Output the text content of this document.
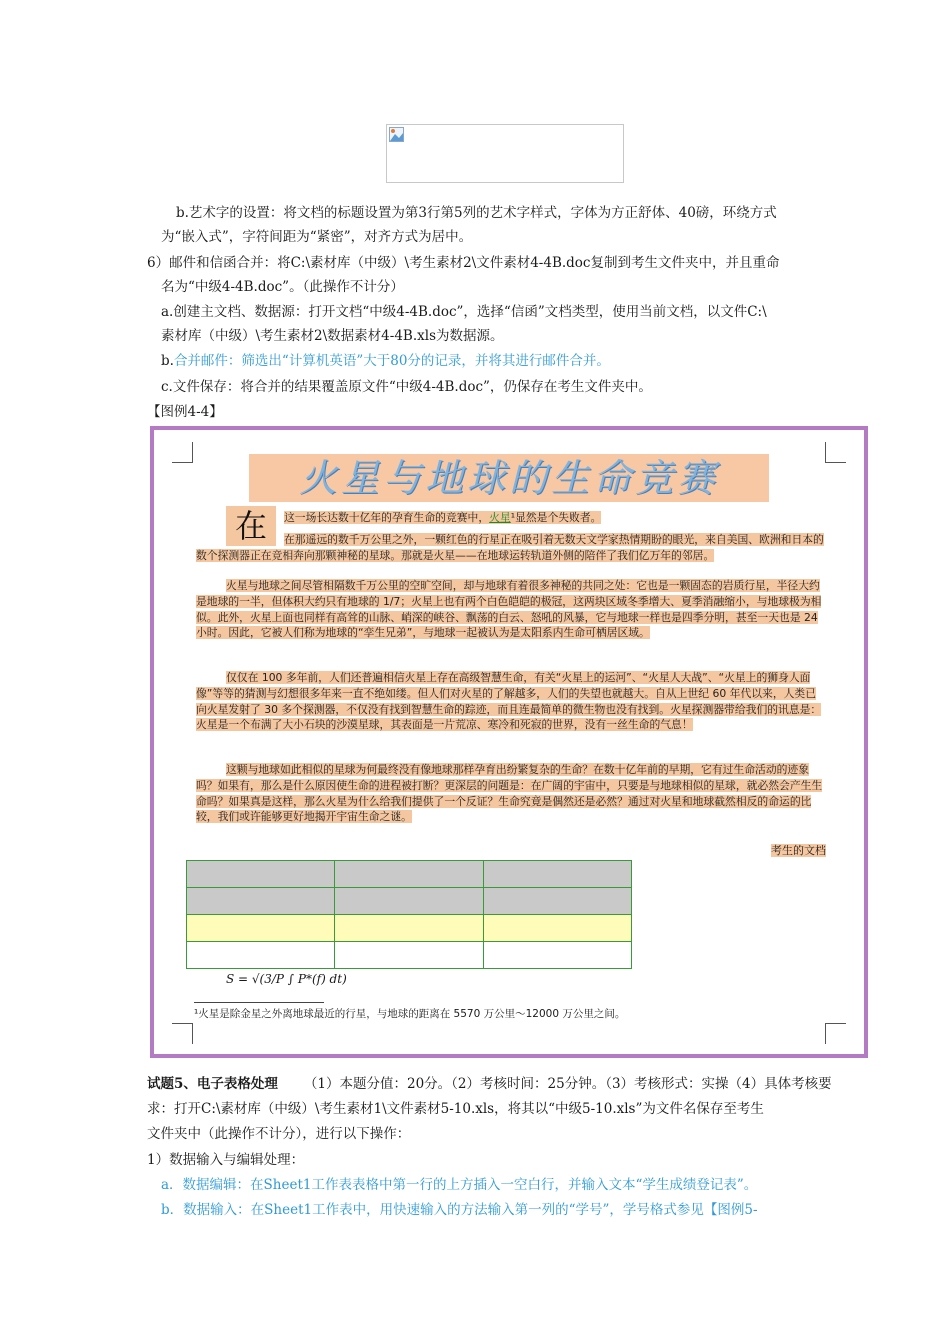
b.艺术字的设置：将文档的标题设置为第3行第5列的艺术字样式，字体为方正舒体、40磅，环绕方式
为“嵌入式”，字符间距为“紧密”，对齐方式为居中。
6）邮件和信函合并：将C:\素材库（中级）\考生素材2\文件素材4-4B.doc复制到考生文件夹中，并且重命
名为“中级4-4B.doc”。（此操作不计分）
a.创建主文档、数据源：打开文档“中级4-4B.doc”，选择“信函”文档类型，使用当前文档，以文件C:\
素材库（中级）\考生素材2\数据素材4-4B.xls为数据源。
b.合并邮件：筛选出“计算机英语”大于80分的记录，并将其进行邮件合并。
c.文件保存：将合并的结果覆盖原文件“中级4-4B.doc”，仍保存在考生文件夹中。
【图例4-4】
火星与地球的生命竞赛
在	这一场长达数十亿年的孕育生命的竞赛中，火星¹显然是个失败者。
在那遥远的数千万公里之外，一颗红色的行星正在吸引着无数天文学家热情期盼的眼光，来自美国、欧洲和日本的数个探测器正在竞相奔向那颗神秘的星球。那就是火星——在地球运转轨道外侧的陪伴了我们亿万年的邻居。
火星与地球之间尽管相隔数千万公里的空旷空间，却与地球有着很多神秘的共同之处：它也是一颗固态的岩质行星，半径大约是地球的一半，但体积大约只有地球的 1/7；火星上也有两个白色皑皑的极冠，这两块区域冬季增大、夏季消融缩小，与地球极为相似。此外，火星上面也同样有高耸的山脉、峭深的峡谷、飘荡的白云、怒吼的风暴，它与地球一样也是四季分明，甚至一天也是 24 小时。因此，它被人们称为地球的“孪生兄弟”，与地球一起被认为是太阳系内生命可栖居区域。
仅仅在 100 多年前，人们还普遍相信火星上存在高级智慧生命，有关“火星上的运河”、“火星人大战”、“火星上的狮身人面像”等等的猜测与幻想很多年来一直不绝如缕。但人们对火星的了解越多，人们的失望也就越大。自从上世纪 60 年代以来，人类已向火星发射了 30 多个探测器，不仅没有找到智慧生命的踪迹，而且连最简单的微生物也没有找到。火星探测器带给我们的讯息是：火星是一个布满了大小石块的沙漠星球，其表面是一片荒凉、寒冷和死寂的世界，没有一丝生命的气息！
这颗与地球如此相似的星球为何最终没有像地球那样孕育出纷繁复杂的生命？在数十亿年前的早期，它有过生命活动的迹象吗？如果有，那么是什么原因使生命的进程被打断？更深层的问题是：在广阔的宇宙中，只要是与地球相似的星球，就必然会产生生命吗？如果真是这样，那么火星为什么给我们提供了一个反证？生命究竟是偶然还是必然？通过对火星和地球截然相反的命运的比较，我们或许能够更好地揭开宇宙生命之谜。
考生的文档

S = √(3/P ∫ P*(f) dt)
¹火星是除金星之外离地球最近的行星，与地球的距离在 5570 万公里～12000 万公里之间。
试题5、电子表格处理 （1）本题分值：20分。（2）考核时间：25分钟。（3）考核形式：实操（4）具体考核要
求：打开C:\素材库（中级）\考生素材1\文件素材5-10.xls，将其以“中级5-10.xls”为文件名保存至考生
文件夹中（此操作不计分），进行以下操作：
1）数据输入与编辑处理：
a．数据编辑：在Sheet1工作表表格中第一行的上方插入一空白行，并输入文本“学生成绩登记表”。
b．数据输入：在Sheet1工作表中，用快速输入的方法输入第一列的“学号”，学号格式参见【图例5-
